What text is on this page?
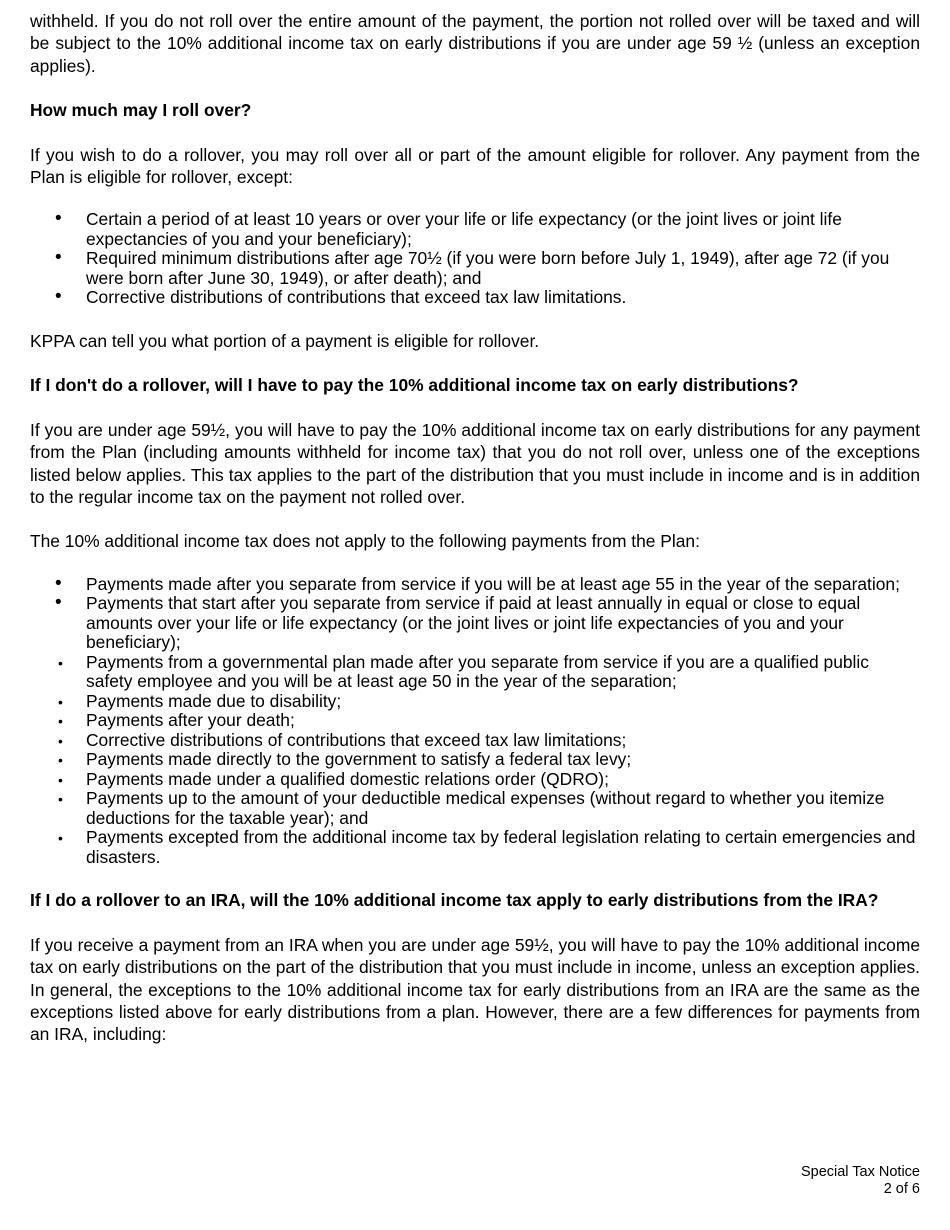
withheld. If you do not roll over the entire amount of the payment, the portion not rolled over will be taxed and will be subject to the 10% additional income tax on early distributions if you are under age 59 ½ (unless an exception applies).

How much may I roll over?

If you wish to do a rollover, you may roll over all or part of the amount eligible for rollover. Any payment from the Plan is eligible for rollover, except:

• Certain a period of at least 10 years or over your life or life expectancy (or the joint lives or joint life expectancies of you and your beneficiary);
• Required minimum distributions after age 70½ (if you were born before July 1, 1949), after age 72 (if you were born after June 30, 1949), or after death); and
• Corrective distributions of contributions that exceed tax law limitations.

KPPA can tell you what portion of a payment is eligible for rollover.

If I don't do a rollover, will I have to pay the 10% additional income tax on early distributions?

If you are under age 59½, you will have to pay the 10% additional income tax on early distributions for any payment from the Plan (including amounts withheld for income tax) that you do not roll over, unless one of the exceptions listed below applies. This tax applies to the part of the distribution that you must include in income and is in addition to the regular income tax on the payment not rolled over.

The 10% additional income tax does not apply to the following payments from the Plan:

• Payments made after you separate from service if you will be at least age 55 in the year of the separation;
• Payments that start after you separate from service if paid at least annually in equal or close to equal amounts over your life or life expectancy (or the joint lives or joint life expectancies of you and your beneficiary);
• Payments from a governmental plan made after you separate from service if you are a qualified public safety employee and you will be at least age 50 in the year of the separation;
• Payments made due to disability;
• Payments after your death;
• Corrective distributions of contributions that exceed tax law limitations;
• Payments made directly to the government to satisfy a federal tax levy;
• Payments made under a qualified domestic relations order (QDRO);
• Payments up to the amount of your deductible medical expenses (without regard to whether you itemize deductions for the taxable year); and
• Payments excepted from the additional income tax by federal legislation relating to certain emergencies and disasters.
If I do a rollover to an IRA, will the 10% additional income tax apply to early distributions from the IRA?

If you receive a payment from an IRA when you are under age 59½, you will have to pay the 10% additional income tax on early distributions on the part of the distribution that you must include in income, unless an exception applies. In general, the exceptions to the 10% additional income tax for early distributions from an IRA are the same as the exceptions listed above for early distributions from a plan. However, there are a few differences for payments from an IRA, including:

Special Tax Notice
2 of 6
